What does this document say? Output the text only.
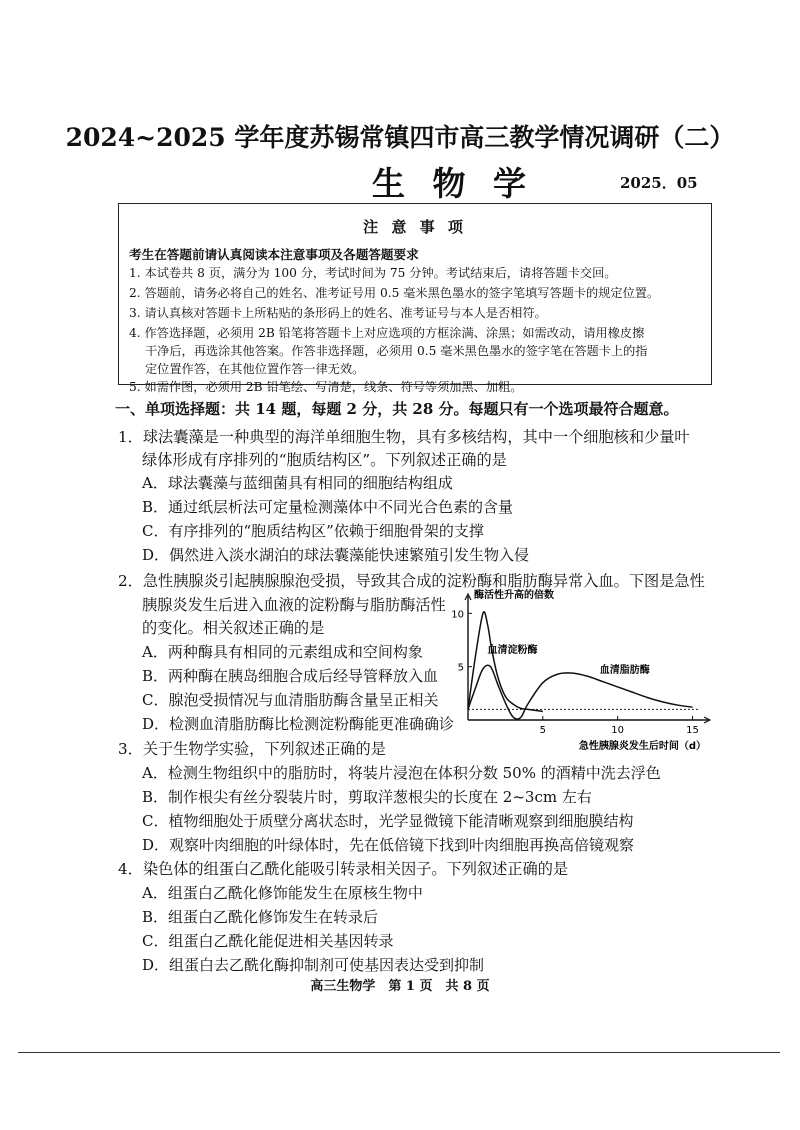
2024~2025 学年度苏锡常镇四市高三教学情况调研（二）
生 物 学	2025．05
注 意 事 项
考生在答题前请认真阅读本注意事项及各题答题要求
1. 本试卷共 8 页，满分为 100 分，考试时间为 75 分钟。考试结束后，请将答题卡交回。
2. 答题前，请务必将自己的姓名、准考证号用 0.5 毫米黑色墨水的签字笔填写答题卡的规定位置。
3. 请认真核对答题卡上所粘贴的条形码上的姓名、准考证号与本人是否相符。
4. 作答选择题，必须用 2B 铅笔将答题卡上对应选项的方框涂满、涂黑；如需改动，请用橡皮擦
干净后，再选涂其他答案。作答非选择题，必须用 0.5 毫米黑色墨水的签字笔在答题卡上的指
定位置作答，在其他位置作答一律无效。
5. 如需作图，必须用 2B 铅笔绘、写清楚，线条、符号等须加黑、加粗。
一、单项选择题：共 14 题，每题 2 分，共 28 分。每题只有一个选项最符合题意。
1．球法囊藻是一种典型的海洋单细胞生物，具有多核结构，其中一个细胞核和少量叶
绿体形成有序排列的“胞质结构区”。下列叙述正确的是
A．球法囊藻与蓝细菌具有相同的细胞结构组成
B．通过纸层析法可定量检测藻体中不同光合色素的含量
C．有序排列的“胞质结构区”依赖于细胞骨架的支撑
D．偶然进入淡水湖泊的球法囊藻能快速繁殖引发生物入侵
2．急性胰腺炎引起胰腺腺泡受损，导致其合成的淀粉酶和脂肪酶异常入血。下图是急性
胰腺炎发生后进入血液的淀粉酶与脂肪酶活性
的变化。相关叙述正确的是
A．两种酶具有相同的元素组成和空间构象
B．两种酶在胰岛细胞合成后经导管释放入血
C．腺泡受损情况与血清脂肪酶含量呈正相关
D．检测血清脂肪酶比检测淀粉酶能更准确确诊	5	10	15
5
10
血清淀粉酶
血清脂肪酶
酶活性升高的倍数
急性胰腺炎发生后时间（d）
3．关于生物学实验，下列叙述正确的是
A．检测生物组织中的脂肪时，将装片浸泡在体积分数 50% 的酒精中洗去浮色
B．制作根尖有丝分裂装片时，剪取洋葱根尖的长度在 2~3cm 左右
C．植物细胞处于质壁分离状态时，光学显微镜下能清晰观察到细胞膜结构
D．观察叶肉细胞的叶绿体时，先在低倍镜下找到叶肉细胞再换高倍镜观察
4．染色体的组蛋白乙酰化能吸引转录相关因子。下列叙述正确的是
A．组蛋白乙酰化修饰能发生在原核生物中
B．组蛋白乙酰化修饰发生在转录后
C．组蛋白乙酰化能促进相关基因转录
D．组蛋白去乙酰化酶抑制剂可使基因表达受到抑制
高三生物学　第 1 页　共 8 页
